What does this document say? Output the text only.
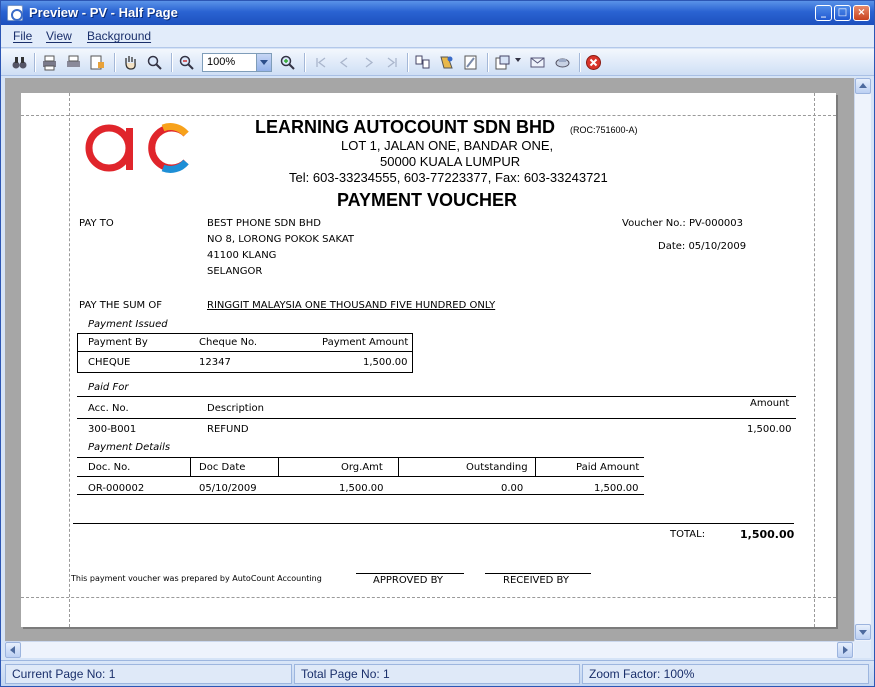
Preview - PV - Half Page	_	□	×
File View Background
100%
LEARNING AUTOCOUNT SDN BHD (ROC:751600-A)
LOT 1, JALAN ONE, BANDAR ONE,
50000 KUALA LUMPUR
Tel: 603-33234555, 603-77223377, Fax: 603-33243721
PAYMENT VOUCHER
PAY TO	BEST PHONE SDN BHD
NO 8, LORONG POKOK SAKAT
41100 KLANG
SELANGOR
Voucher No.: PV-000003
Date: 05/10/2009
PAY THE SUM OF	RINGGIT MALAYSIA ONE THOUSAND FIVE HUNDRED ONLY
Payment Issued
Payment By	Cheque No.	Payment Amount
CHEQUE	12347	1,500.00
Paid For
Acc. No.	Description	Amount
300-B001	REFUND	1,500.00
Payment Details
Doc. No.	Doc Date	Org.Amt	Outstanding	Paid Amount
OR-000002	05/10/2009	1,500.00	0.00	1,500.00
TOTAL:	1,500.00
This payment voucher was prepared by AutoCount Accounting	APPROVED BY	RECEIVED BY
Current Page No: 1	Total Page No: 1	Zoom Factor: 100%
